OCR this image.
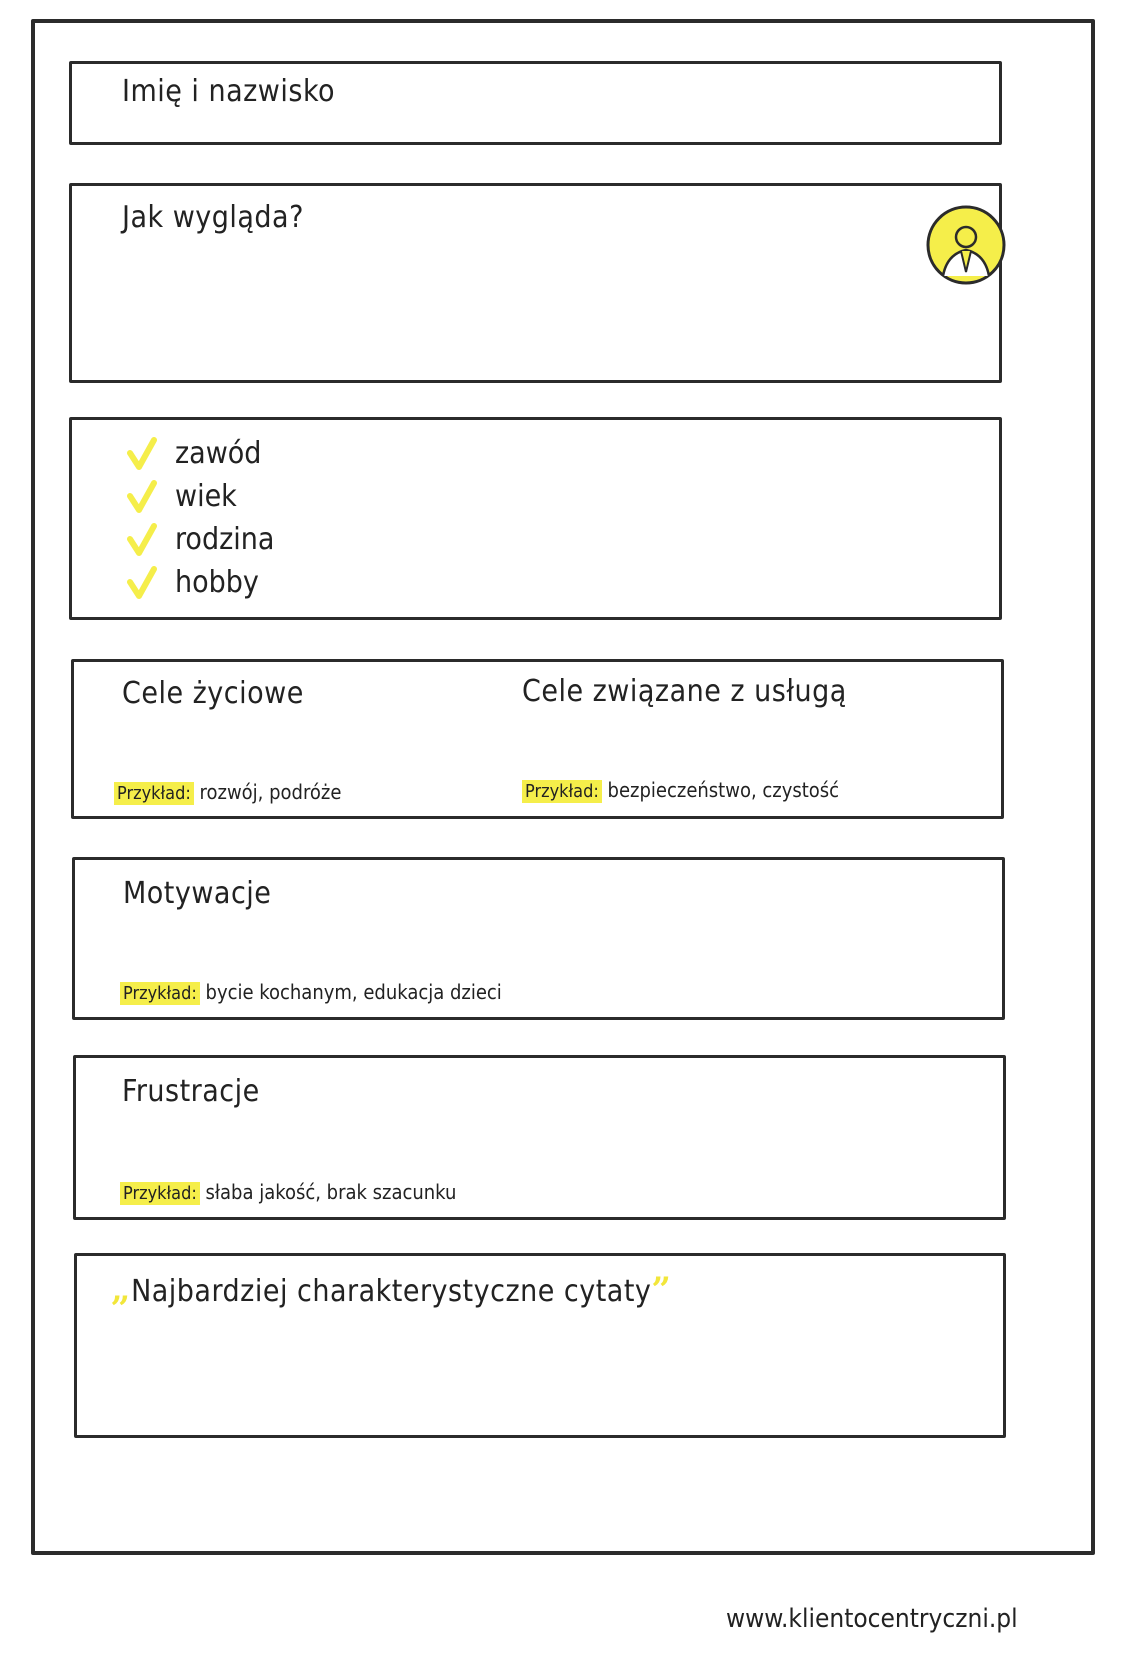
Imię i nazwisko
Jak wygląda?
zawód
wiek
rodzina
hobby
Cele życiowe
Przykład: rozwój, podróże
Cele związane z usługą
Przykład: bezpieczeństwo, czystość
Motywacje
Przykład: bycie kochanym, edukacja dzieci
Frustracje
Przykład: słaba jakość, brak szacunku
„Najbardziej charakterystyczne cytaty”
www.klientocentryczni.pl
